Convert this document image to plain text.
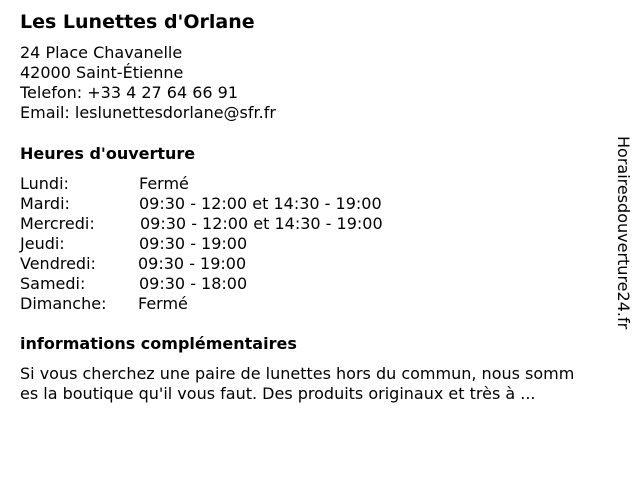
Les Lunettes d'Orlane
24 Place Chavanelle
42000 Saint-Étienne
Telefon: +33 4 27 64 66 91
Email: leslunettesdorlane@sfr.fr
Heures d'ouverture
Lundi:	Fermé
Mardi:	09:30 - 12:00 et 14:30 - 19:00
Mercredi:	09:30 - 12:00 et 14:30 - 19:00
Jeudi:	09:30 - 19:00
Vendredi:	09:30 - 19:00
Samedi:	09:30 - 18:00
Dimanche: Fermé
informations complémentaires
Si vous cherchez une paire de lunettes hors du commun, nous somm
es la boutique qu'il vous faut. Des produits originaux et très à ...
Horairesdouverture24.fr
